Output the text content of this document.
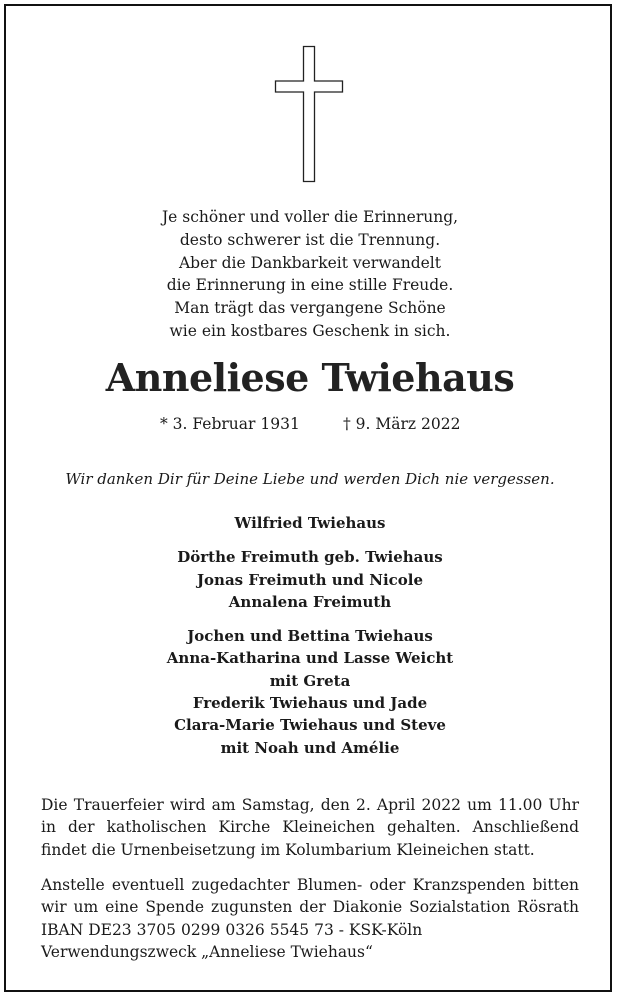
Je schöner und voller die Erinnerung,
desto schwerer ist die Trennung.
Aber die Dankbarkeit verwandelt
die Erinnerung in eine stille Freude.
Man trägt das vergangene Schöne
wie ein kostbares Geschenk in sich.
Anneliese Twiehaus
* 3. Februar 1931	† 9. März 2022
Wir danken Dir für Deine Liebe und werden Dich nie vergessen.
Wilfried Twiehaus
Dörthe Freimuth geb. Twiehaus
Jonas Freimuth und Nicole
Annalena Freimuth
Jochen und Bettina Twiehaus
Anna-Katharina und Lasse Weicht
mit Greta
Frederik Twiehaus und Jade
Clara-Marie Twiehaus und Steve
mit Noah und Amélie
Die Trauerfeier wird am Samstag, den 2. April 2022 um 11.00 Uhr
in der katholischen Kirche Kleineichen gehalten. Anschließend
findet die Urnenbeisetzung im Kolumbarium Kleineichen statt.
Anstelle eventuell zugedachter Blumen- oder Kranzspenden bitten
wir um eine Spende zugunsten der Diakonie Sozialstation Rösrath
IBAN DE23 3705 0299 0326 5545 73 - KSK-Köln
Verwendungszweck „Anneliese Twiehaus“
